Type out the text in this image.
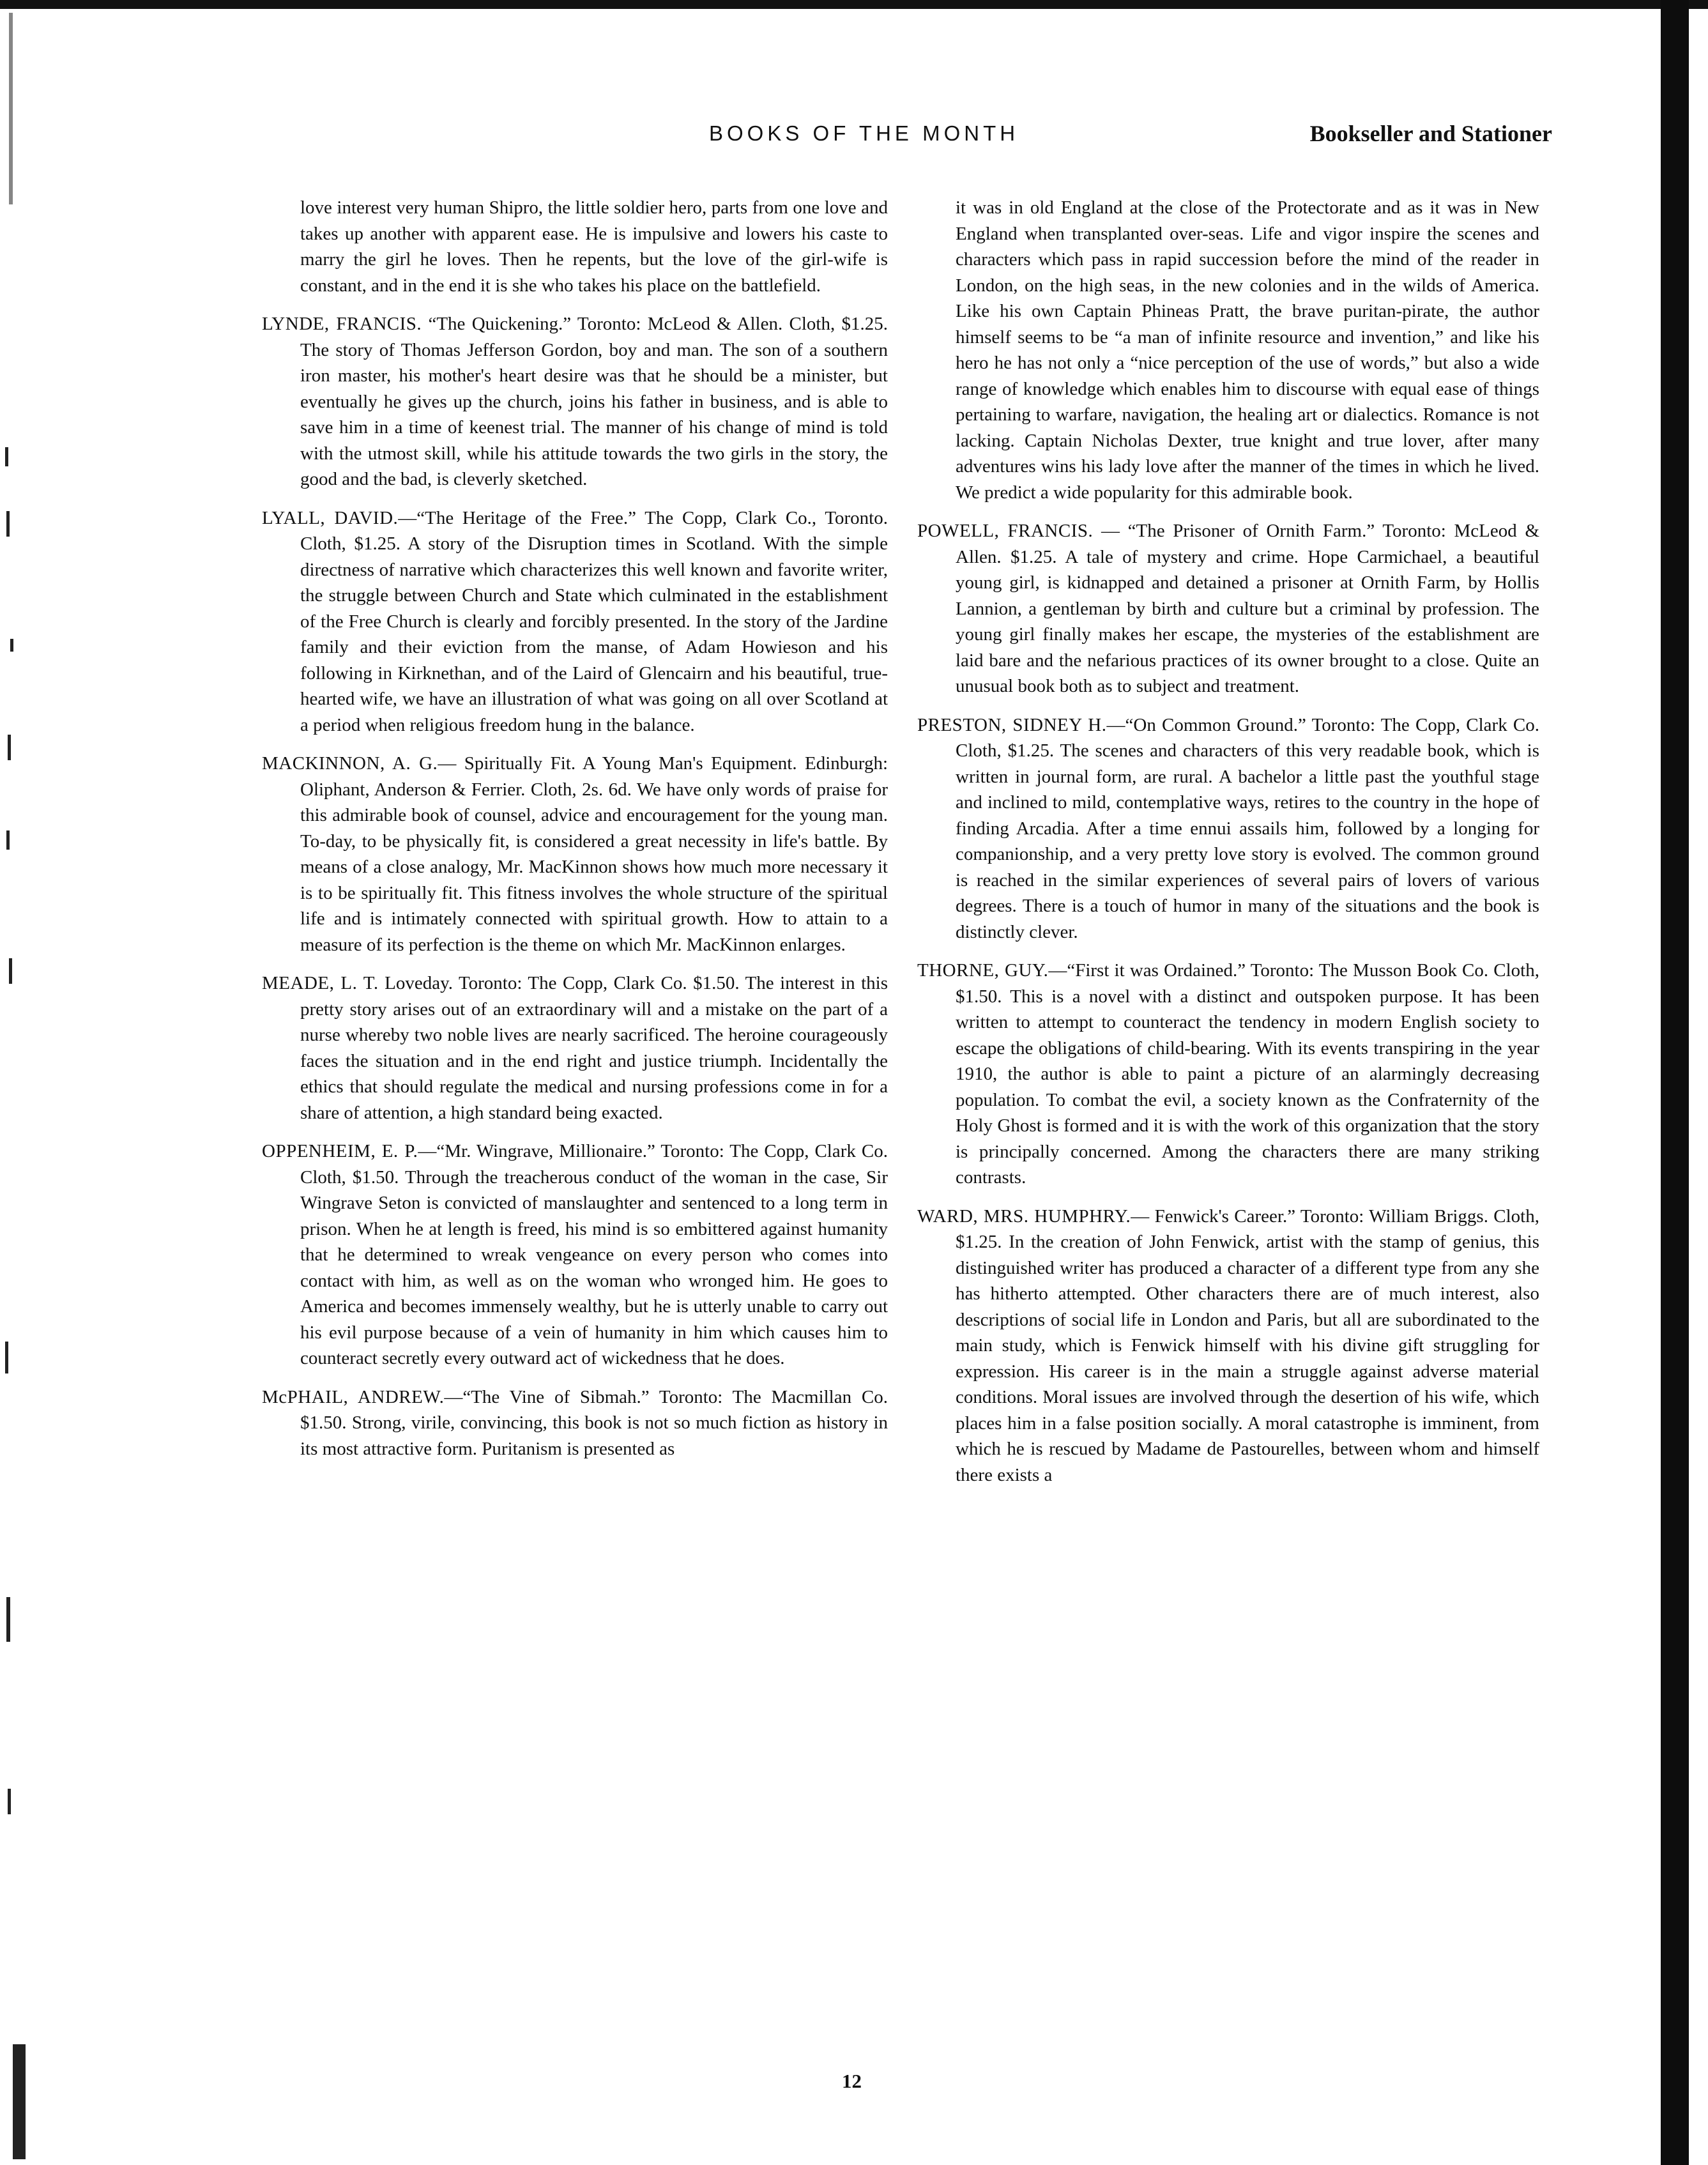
BOOKS OF THE MONTH	Bookseller and Stationer

love interest very human Shipro, the little soldier hero, parts from one love and takes up another with apparent ease. He is impulsive and lowers his caste to marry the girl he loves. Then he repents, but the love of the girl-wife is constant, and in the end it is she who takes his place on the battlefield.

LYNDE, FRANCIS. “The Quickening.” Toronto: McLeod & Allen. Cloth, $1.25. The story of Thomas Jefferson Gordon, boy and man. The son of a southern iron master, his mother's heart desire was that he should be a minister, but eventually he gives up the church, joins his father in business, and is able to save him in a time of keenest trial. The manner of his change of mind is told with the utmost skill, while his attitude towards the two girls in the story, the good and the bad, is cleverly sketched.

LYALL, DAVID.—“The Heritage of the Free.” The Copp, Clark Co., Toronto. Cloth, $1.25. A story of the Disruption times in Scotland. With the simple directness of narrative which characterizes this well known and favorite writer, the struggle between Church and State which culminated in the establishment of the Free Church is clearly and forcibly presented. In the story of the Jardine family and their eviction from the manse, of Adam Howieson and his following in Kirknethan, and of the Laird of Glencairn and his beautiful, true-hearted wife, we have an illustration of what was going on all over Scotland at a period when religious freedom hung in the balance.

MACKINNON, A. G.— Spiritually Fit. A Young Man's Equipment. Edinburgh: Oliphant, Anderson & Ferrier. Cloth, 2s. 6d. We have only words of praise for this admirable book of counsel, advice and encouragement for the young man. To-day, to be physically fit, is considered a great necessity in life's battle. By means of a close analogy, Mr. MacKinnon shows how much more necessary it is to be spiritually fit. This fitness involves the whole structure of the spiritual life and is intimately connected with spiritual growth. How to attain to a measure of its perfection is the theme on which Mr. MacKinnon enlarges.

MEADE, L. T. Loveday. Toronto: The Copp, Clark Co. $1.50. The interest in this pretty story arises out of an extraordinary will and a mistake on the part of a nurse whereby two noble lives are nearly sacrificed. The heroine courageously faces the situation and in the end right and justice triumph. Incidentally the ethics that should regulate the medical and nursing professions come in for a share of attention, a high standard being exacted.

OPPENHEIM, E. P.—“Mr. Wingrave, Millionaire.” Toronto: The Copp, Clark Co. Cloth, $1.50. Through the treacherous conduct of the woman in the case, Sir Wingrave Seton is convicted of manslaughter and sentenced to a long term in prison. When he at length is freed, his mind is so embittered against humanity that he determined to wreak vengeance on every person who comes into contact with him, as well as on the woman who wronged him. He goes to America and becomes immensely wealthy, but he is utterly unable to carry out his evil purpose because of a vein of humanity in him which causes him to counteract secretly every outward act of wickedness that he does.

McPHAIL, ANDREW.—“The Vine of Sibmah.” Toronto: The Macmillan Co. $1.50. Strong, virile, convincing, this book is not so much fiction as history in its most attractive form. Puritanism is presented as

it was in old England at the close of the Protectorate and as it was in New England when transplanted over-seas. Life and vigor inspire the scenes and characters which pass in rapid succession before the mind of the reader in London, on the high seas, in the new colonies and in the wilds of America. Like his own Captain Phineas Pratt, the brave puritan-pirate, the author himself seems to be “a man of infinite resource and invention,” and like his hero he has not only a “nice perception of the use of words,” but also a wide range of knowledge which enables him to discourse with equal ease of things pertaining to warfare, navigation, the healing art or dialectics. Romance is not lacking. Captain Nicholas Dexter, true knight and true lover, after many adventures wins his lady love after the manner of the times in which he lived. We predict a wide popularity for this admirable book.

POWELL, FRANCIS. — “The Prisoner of Ornith Farm.” Toronto: McLeod & Allen. $1.25. A tale of mystery and crime. Hope Carmichael, a beautiful young girl, is kidnapped and detained a prisoner at Ornith Farm, by Hollis Lannion, a gentleman by birth and culture but a criminal by profession. The young girl finally makes her escape, the mysteries of the establishment are laid bare and the nefarious practices of its owner brought to a close. Quite an unusual book both as to subject and treatment.

PRESTON, SIDNEY H.—“On Common Ground.” Toronto: The Copp, Clark Co. Cloth, $1.25. The scenes and characters of this very readable book, which is written in journal form, are rural. A bachelor a little past the youthful stage and inclined to mild, contemplative ways, retires to the country in the hope of finding Arcadia. After a time ennui assails him, followed by a longing for companionship, and a very pretty love story is evolved. The common ground is reached in the similar experiences of several pairs of lovers of various degrees. There is a touch of humor in many of the situations and the book is distinctly clever.

THORNE, GUY.—“First it was Ordained.” Toronto: The Musson Book Co. Cloth, $1.50. This is a novel with a distinct and outspoken purpose. It has been written to attempt to counteract the tendency in modern English society to escape the obligations of child-bearing. With its events transpiring in the year 1910, the author is able to paint a picture of an alarmingly decreasing population. To combat the evil, a society known as the Confraternity of the Holy Ghost is formed and it is with the work of this organization that the story is principally concerned. Among the characters there are many striking contrasts.

WARD, MRS. HUMPHRY.— Fenwick's Career.” Toronto: William Briggs. Cloth, $1.25. In the creation of John Fenwick, artist with the stamp of genius, this distinguished writer has produced a character of a different type from any she has hitherto attempted. Other characters there are of much interest, also descriptions of social life in London and Paris, but all are subordinated to the main study, which is Fenwick himself with his divine gift struggling for expression. His career is in the main a struggle against adverse material conditions. Moral issues are involved through the desertion of his wife, which places him in a false position socially. A moral catastrophe is imminent, from which he is rescued by Madame de Pastourelles, between whom and himself there exists a

12
